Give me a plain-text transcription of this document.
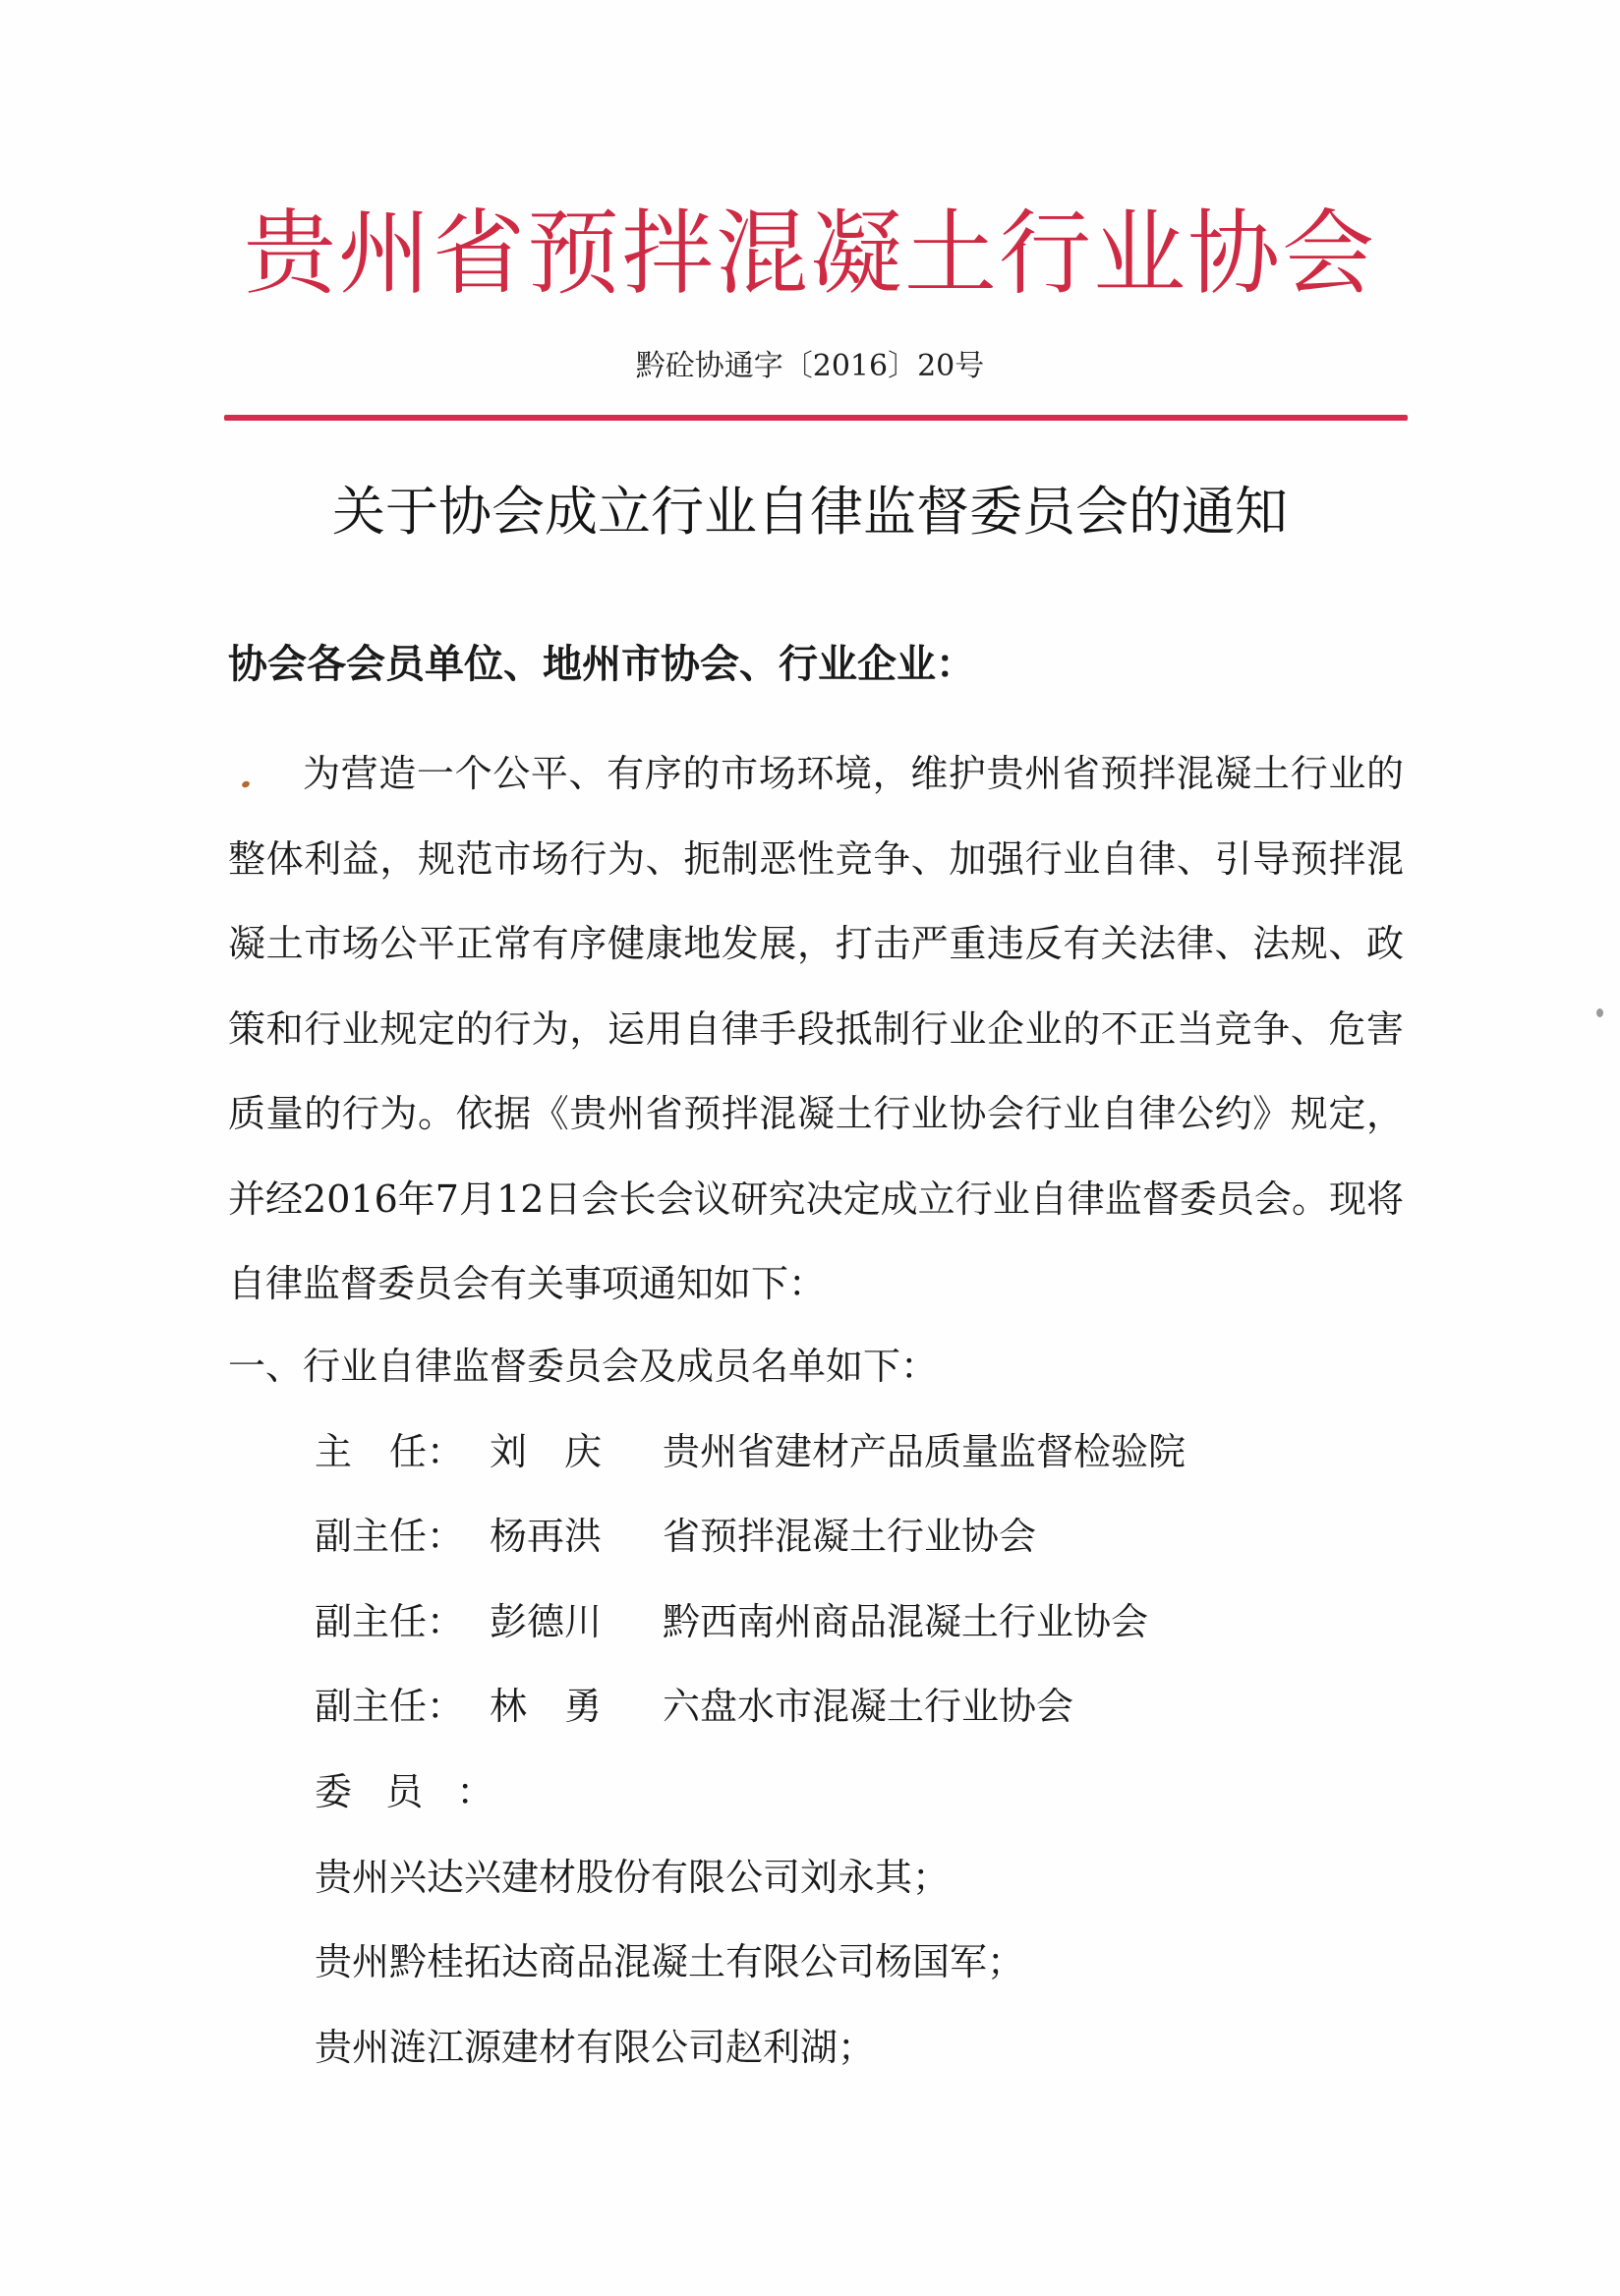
贵州省预拌混凝土行业协会
黔砼协通字〔2016〕20号
关于协会成立行业自律监督委员会的通知
协会各会员单位、地州市协会、行业企业：
为营造一个公平、有序的市场环境，维护贵州省预拌混凝土行业的整体利益，规范市场行为、扼制恶性竞争、加强行业自律、引导预拌混凝土市场公平正常有序健康地发展，打击严重违反有关法律、法规、政策和行业规定的行为，运用自律手段抵制行业企业的不正当竞争、危害质量的行为。依据《贵州省预拌混凝土行业协会行业自律公约》规定，并经2016年7月12日会长会议研究决定成立行业自律监督委员会。现将自律监督委员会有关事项通知如下：
一、行业自律监督委员会及成员名单如下：
主　任： 刘　庆	贵州省建材产品质量监督检验院
副主任： 杨再洪	省预拌混凝土行业协会
副主任： 彭德川	黔西南州商品混凝土行业协会
副主任： 林　勇	六盘水市混凝土行业协会
委员：
贵州兴达兴建材股份有限公司刘永其；
贵州黔桂拓达商品混凝土有限公司杨国军；
贵州涟江源建材有限公司赵利湖；
